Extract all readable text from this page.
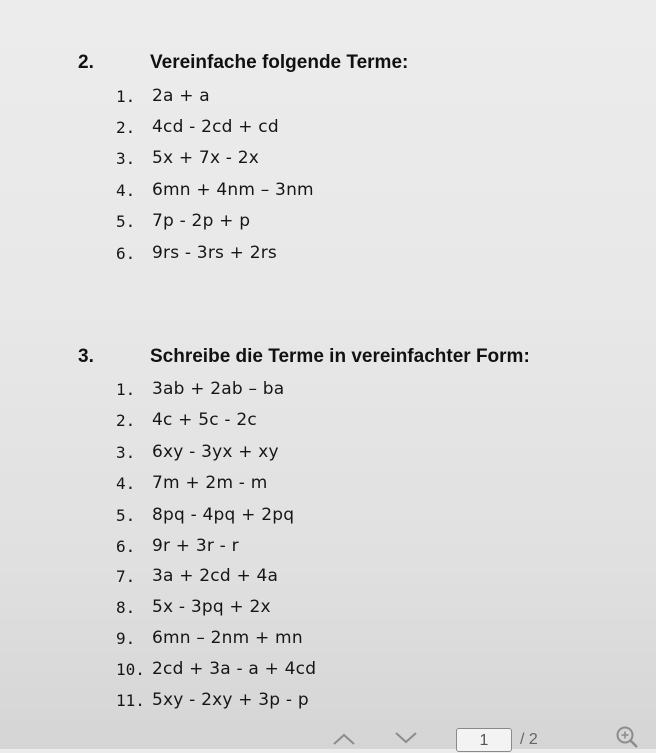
2.	Vereinfache folgende Terme:
1. 2a + a
2. 4cd - 2cd + cd
3. 5x + 7x - 2x
4. 6mn + 4nm – 3nm
5. 7p - 2p + p
6. 9rs - 3rs + 2rs
3.	Schreibe die Terme in vereinfachter Form:
1. 3ab + 2ab – ba
2. 4c + 5c - 2c
3. 6xy - 3yx + xy
4. 7m + 2m - m
5. 8pq - 4pq + 2pq
6. 9r + 3r - r
7. 3a + 2cd + 4a
8. 5x - 3pq + 2x
9. 6mn – 2nm + mn
10. 2cd + 3a - a + 4cd
11. 5xy - 2xy + 3p - p
1	/ 2
